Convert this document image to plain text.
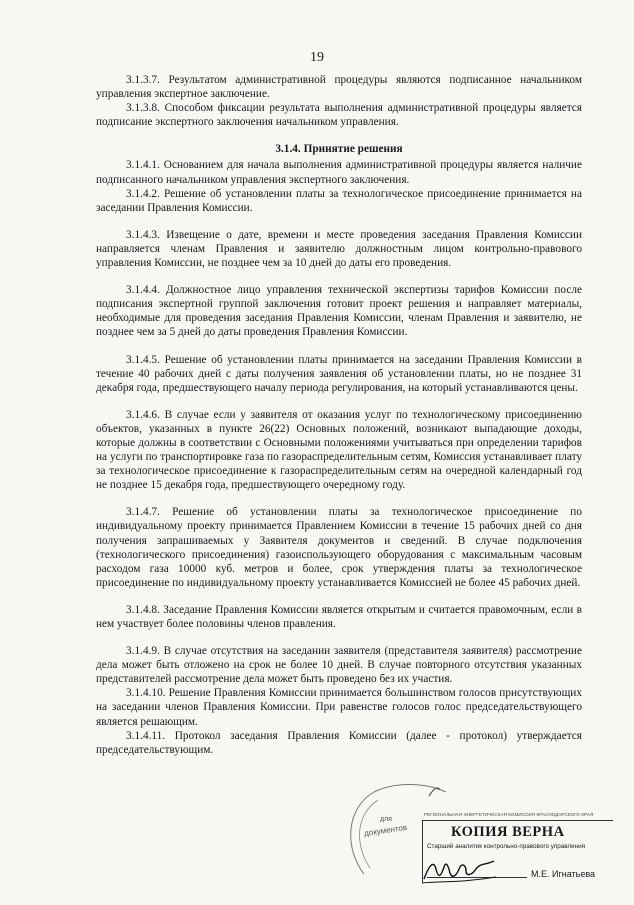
19

3.1.3.7. Результатом административной процедуры являются подписанное начальником управления экспертное заключение.

3.1.3.8. Способом фиксации результата выполнения административной процедуры является подписание экспертного заключения начальником управления.

3.1.4. Принятие решения

3.1.4.1. Основанием для начала выполнения административной процедуры является наличие подписанного начальником управления экспертного заключения.

3.1.4.2. Решение об установлении платы за технологическое присоединение принимается на заседании Правления Комиссии.

3.1.4.3. Извещение о дате, времени и месте проведения заседания Правления Комиссии направляется членам Правления и заявителю должностным лицом контрольно-правового управления Комиссии, не позднее чем за 10 дней до даты его проведения.

3.1.4.4. Должностное лицо управления технической экспертизы тарифов Комиссии после подписания экспертной группой заключения готовит проект решения и направляет материалы, необходимые для проведения заседания Правления Комиссии, членам Правления и заявителю, не позднее чем за 5 дней до даты проведения Правления Комиссии.

3.1.4.5. Решение об установлении платы принимается на заседании Правления Комиссии в течение 40 рабочих дней с даты получения заявления об установлении платы, но не позднее 31 декабря года, предшествующего началу периода регулирования, на который устанавливаются цены.

3.1.4.6. В случае если у заявителя от оказания услуг по технологическому присоединению объектов, указанных в пункте 26(22) Основных положений, возникают выпадающие доходы, которые должны в соответствии с Основными положениями учитываться при определении тарифов на услуги по транспортировке газа по газораспределительным сетям, Комиссия устанавливает плату за технологическое присоединение к газораспределительным сетям на очередной календарный год не позднее 15 декабря года, предшествующего очередному году.

3.1.4.7. Решение об установлении платы за технологическое присоединение по индивидуальному проекту принимается Правлением Комиссии в течение 15 рабочих дней со дня получения запрашиваемых у Заявителя документов и сведений. В случае подключения (технологического присоединения) газоиспользующего оборудования с максимальным часовым расходом газа 10000 куб. метров и более, срок утверждения платы за технологическое присоединение по индивидуальному проекту устанавливается Комиссией не более 45 рабочих дней.

3.1.4.8. Заседание Правления Комиссии является открытым и считается правомочным, если в нем участвует более половины членов правления.

3.1.4.9. В случае отсутствия на заседании заявителя (представителя заявителя) рассмотрение дела может быть отложено на срок не более 10 дней. В случае повторного отсутствия указанных представителей рассмотрение дела может быть проведено без их участия.

3.1.4.10. Решение Правления Комиссии принимается большинством голосов присутствующих на заседании членов Правления Комиссии. При равенстве голосов голос председательствующего является решающим.

3.1.4.11. Протокол заседания Правления Комиссии (далее - протокол) утверждается председательствующим.

для
документов
РЕГИОНАЛЬНАЯ ЭНЕРГЕТИЧЕСКАЯ КОМИССИЯ КРАСНОДАРСКОГО КРАЯ
КОПИЯ ВЕРНА
Старший аналитик контрольно-правового управления
М.Е. Игнатьева
